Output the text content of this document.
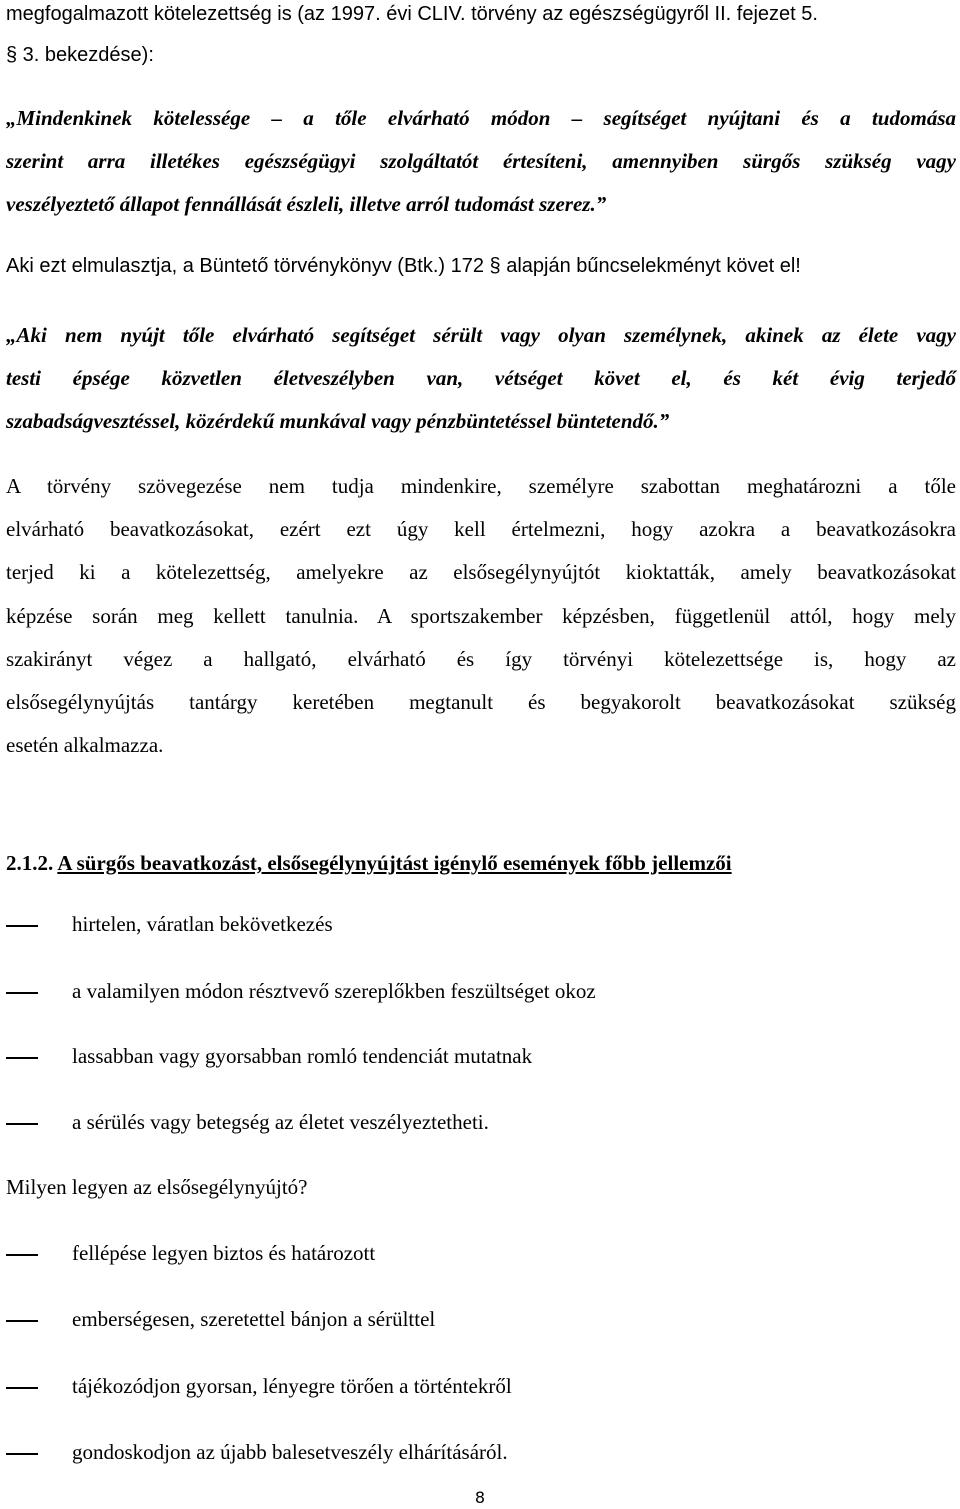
megfogalmazott kötelezettség is (az 1997. évi CLIV. törvény az egészségügyről II. fejezet 5.
§ 3. bekezdése):
„Mindenkinek kötelessége – a tőle elvárható módon – segítséget nyújtani és a tudomása
szerint arra illetékes egészségügyi szolgáltatót értesíteni, amennyiben sürgős szükség vagy
veszélyeztető állapot fennállását észleli, illetve arról tudomást szerez.”
Aki ezt elmulasztja, a Büntető törvénykönyv (Btk.) 172 § alapján bűncselekményt követ el!
„Aki nem nyújt tőle elvárható segítséget sérült vagy olyan személynek, akinek az élete vagy
testi épsége közvetlen életveszélyben van, vétséget követ el, és két évig terjedő
szabadságvesztéssel, közérdekű munkával vagy pénzbüntetéssel büntetendő.”
A törvény szövegezése nem tudja mindenkire, személyre szabottan meghatározni a tőle
elvárható beavatkozásokat, ezért ezt úgy kell értelmezni, hogy azokra a beavatkozásokra
terjed ki a kötelezettség, amelyekre az elsősegélynyújtót kioktatták, amely beavatkozásokat
képzése során meg kellett tanulnia. A sportszakember képzésben, függetlenül attól, hogy mely
szakirányt végez a hallgató, elvárható és így törvényi kötelezettsége is, hogy az
elsősegélynyújtás tantárgy keretében megtanult és begyakorolt beavatkozásokat szükség
esetén alkalmazza.
2.1.2. A sürgős beavatkozást, elsősegélynyújtást igénylő események főbb jellemzői
hirtelen, váratlan bekövetkezés
a valamilyen módon résztvevő szereplőkben feszültséget okoz
lassabban vagy gyorsabban romló tendenciát mutatnak
a sérülés vagy betegség az életet veszélyeztetheti.
Milyen legyen az elsősegélynyújtó?
fellépése legyen biztos és határozott
emberségesen, szeretettel bánjon a sérülttel
tájékozódjon gyorsan, lényegre törően a történtekről
gondoskodjon az újabb balesetveszély elhárításáról.
8
